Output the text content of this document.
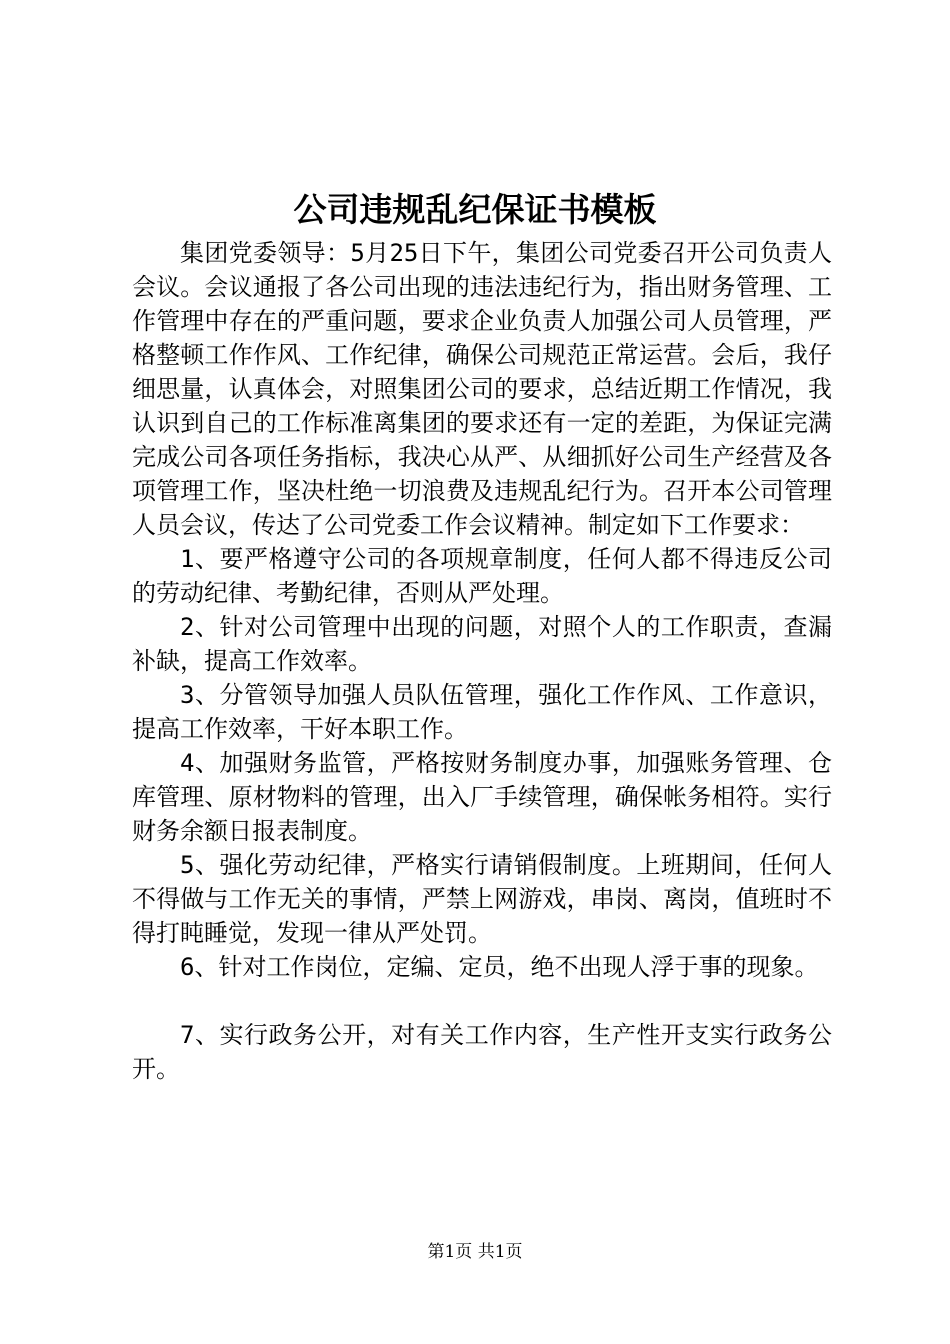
公司违规乱纪保证书模板

集团党委领导：5月25日下午，集团公司党委召开公司负责人会议。会议通报了各公司出现的违法违纪行为，指出财务管理、工作管理中存在的严重问题，要求企业负责人加强公司人员管理，严格整顿工作作风、工作纪律，确保公司规范正常运营。会后，我仔细思量，认真体会，对照集团公司的要求，总结近期工作情况，我认识到自己的工作标准离集团的要求还有一定的差距，为保证完满完成公司各项任务指标，我决心从严、从细抓好公司生产经营及各项管理工作，坚决杜绝一切浪费及违规乱纪行为。召开本公司管理人员会议，传达了公司党委工作会议精神。制定如下工作要求：

1、要严格遵守公司的各项规章制度，任何人都不得违反公司的劳动纪律、考勤纪律，否则从严处理。

2、针对公司管理中出现的问题，对照个人的工作职责，查漏补缺，提高工作效率。

3、分管领导加强人员队伍管理，强化工作作风、工作意识，提高工作效率，干好本职工作。

4、加强财务监管，严格按财务制度办事，加强账务管理、仓库管理、原材物料的管理，出入厂手续管理，确保帐务相符。实行财务余额日报表制度。

5、强化劳动纪律，严格实行请销假制度。上班期间，任何人不得做与工作无关的事情，严禁上网游戏，串岗、离岗，值班时不得打盹睡觉，发现一律从严处罚。

6、针对工作岗位，定编、定员，绝不出现人浮于事的现象。

7、实行政务公开，对有关工作内容，生产性开支实行政务公开。

第1页 共1页
